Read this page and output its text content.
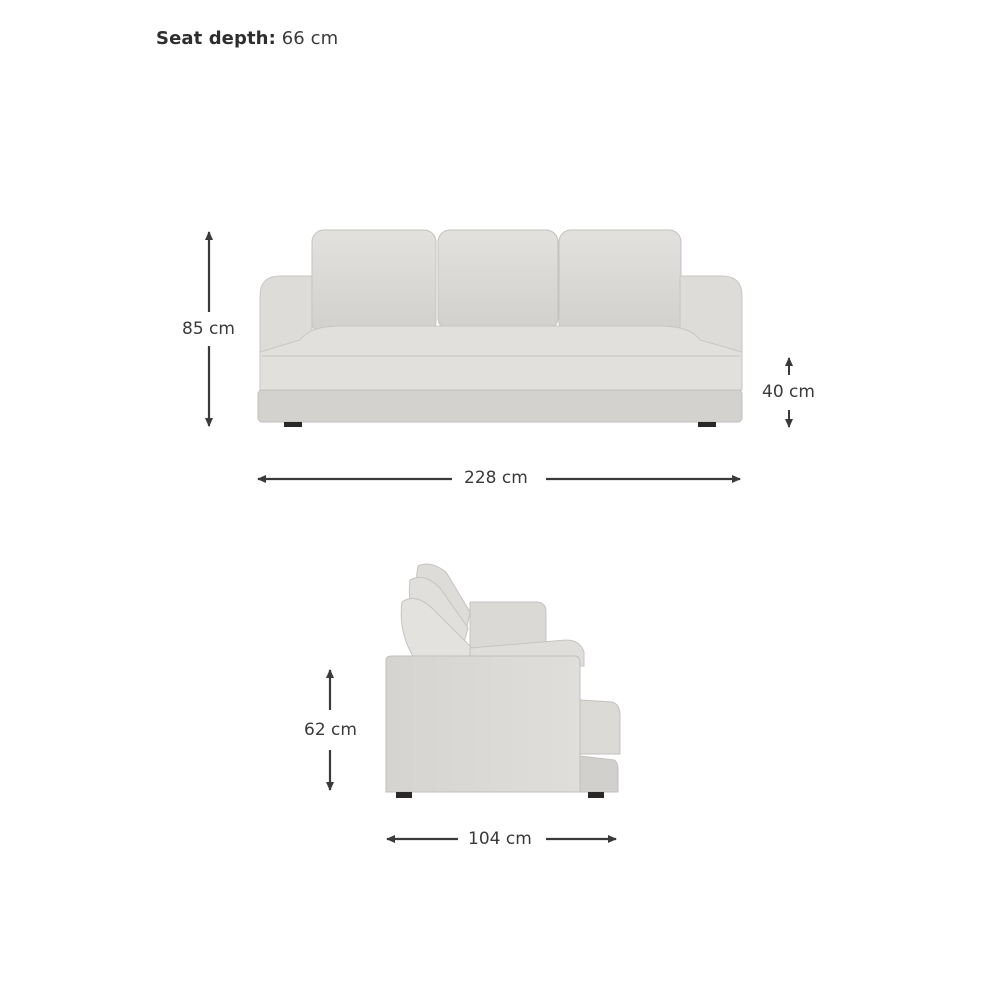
Seat depth: 66 cm
85 cm
40 cm
228 cm
62 cm
104 cm
